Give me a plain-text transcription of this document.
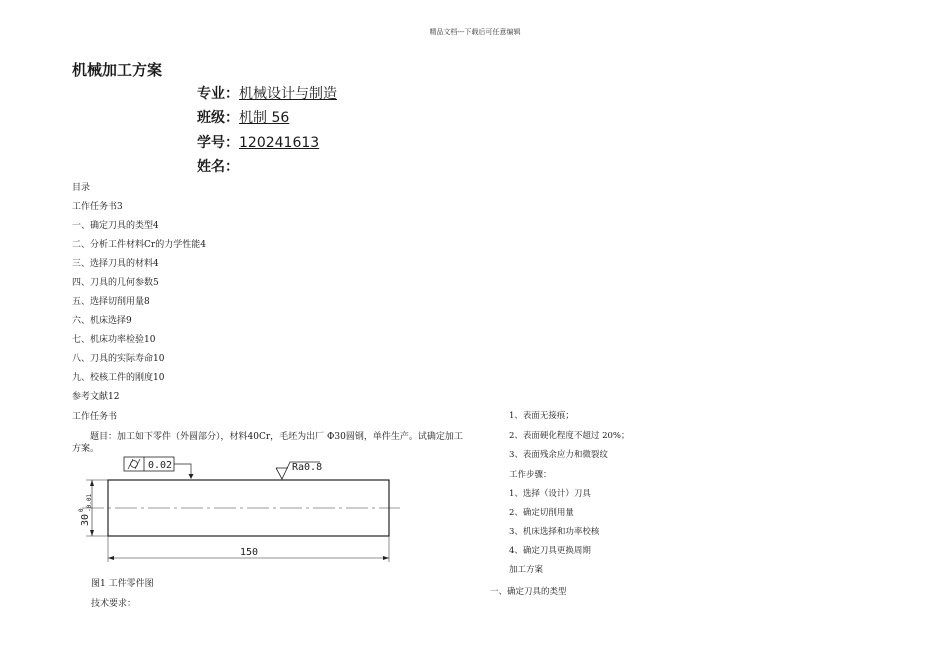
精品文档---下载后可任意编辑
机械加工方案
专业：机械设计与制造
班级：机制 56
学号：120241613
姓名：
目录
工作任务书3
一、确定刀具的类型4
二、分析工件材料Cr的力学性能4
三、选择刀具的材料4
四、刀具的几何参数5
五、选择切削用量8
六、机床选择9
七、机床功率检验10
八、刀具的实际寿命10
九、校核工件的刚度10
参考文献12
工作任务书
题目：加工如下零件（外圆部分），材料40Cr，毛坯为出厂 Φ30圆钢，单件生产。试确定加工方案。
0.02	Ra0.8
30
0 -0.01
150
图1 工件零件图
技术要求：
1、表面无接痕；
2、表面硬化程度不超过 20%；
3、表面残余应力和微裂纹
工作步骤：
1、选择（设计）刀具
2、确定切削用量
3、机床选择和功率校核
4、确定刀具更换周期
加工方案
一、确定刀具的类型
